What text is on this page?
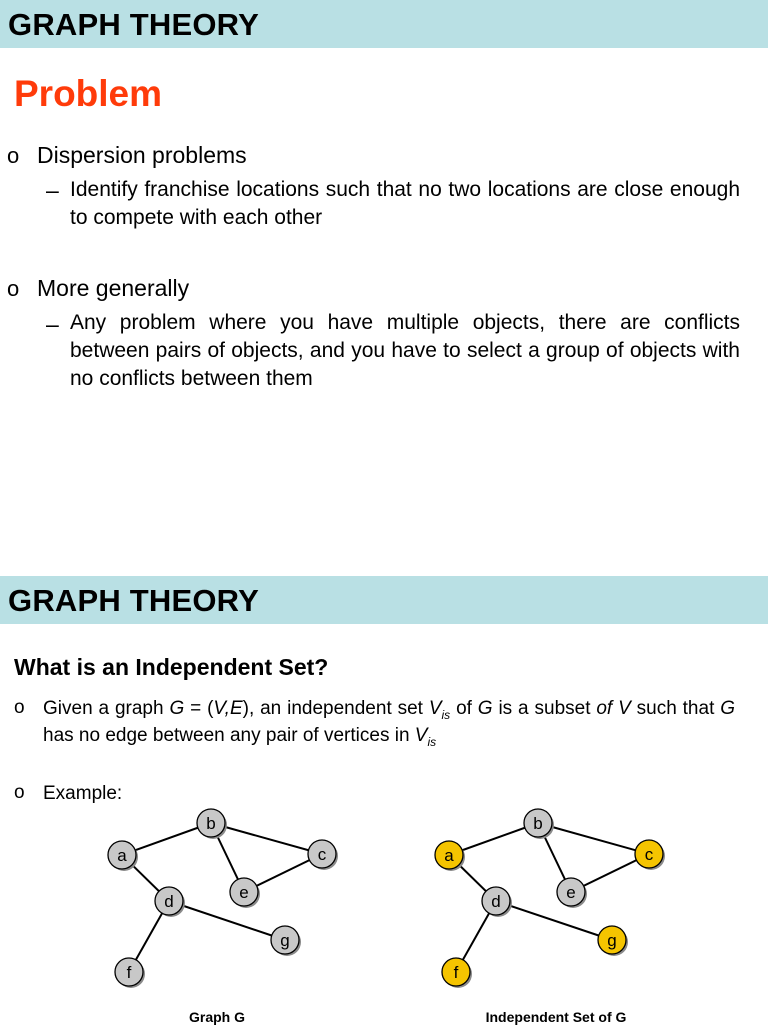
GRAPH THEORY
Problem
o Dispersion problems
– Identify franchise locations such that no two locations are close enough to compete with each other
o More generally
– Any problem where you have multiple objects, there are conflicts between pairs of objects, and you have to select a group of objects with no conflicts between them
GRAPH THEORY
What is an Independent Set?
o Given a graph G = (V,E), an independent set $V_{is}$ of G is a subset of V such that G has no edge between any pair of vertices in $V_{is}$
o Example:
a
b
c
d	e
f
g
a
b
c
d	e
f
g
Graph G	Independent Set of G
